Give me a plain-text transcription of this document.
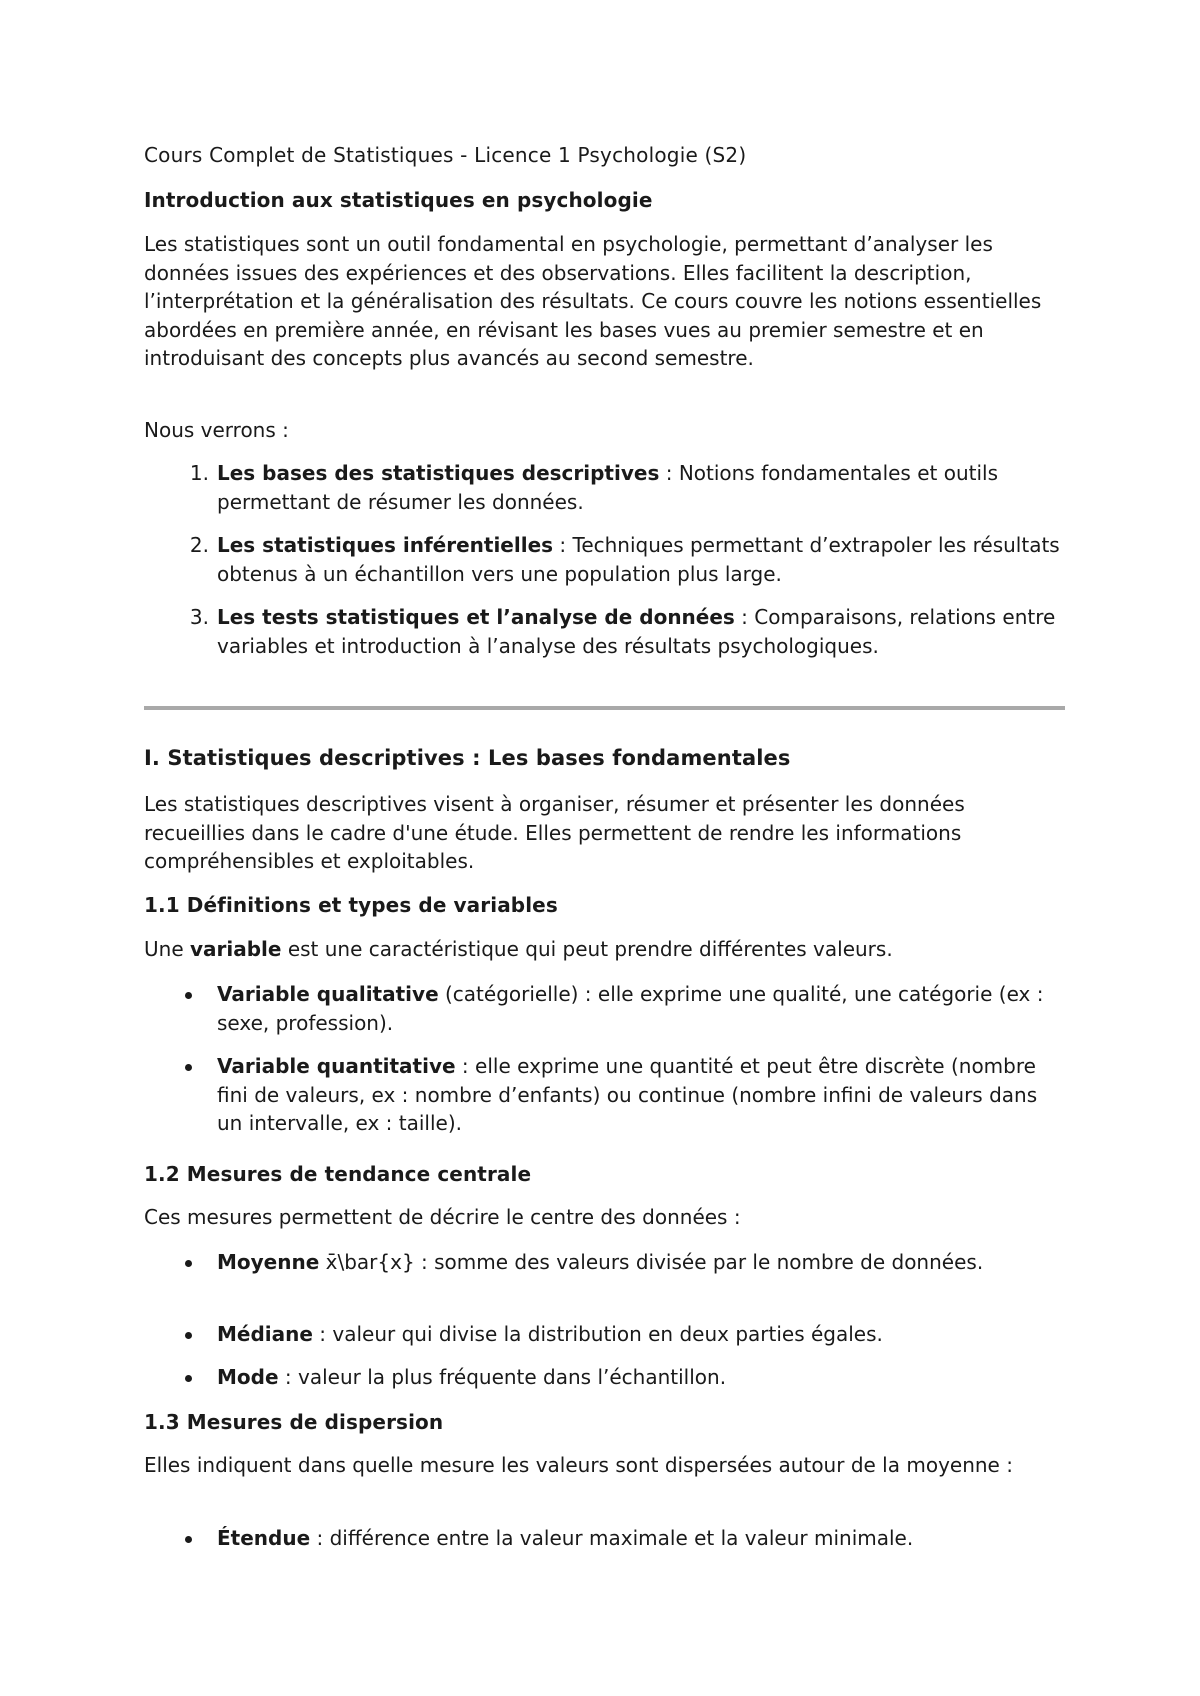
Cours Complet de Statistiques - Licence 1 Psychologie (S2)
Introduction aux statistiques en psychologie

Les statistiques sont un outil fondamental en psychologie, permettant d’analyser les données issues des expériences et des observations. Elles facilitent la description, l’interprétation et la généralisation des résultats. Ce cours couvre les notions essentielles abordées en première année, en révisant les bases vues au premier semestre et en introduisant des concepts plus avancés au second semestre.

Nous verrons :

1. Les bases des statistiques descriptives : Notions fondamentales et outils permettant de résumer les données.
2. Les statistiques inférentielles : Techniques permettant d’extrapoler les résultats obtenus à un échantillon vers une population plus large.
3. Les tests statistiques et l’analyse de données : Comparaisons, relations entre variables et introduction à l’analyse des résultats psychologiques.
I. Statistiques descriptives : Les bases fondamentales

Les statistiques descriptives visent à organiser, résumer et présenter les données recueillies dans le cadre d'une étude. Elles permettent de rendre les informations compréhensibles et exploitables.

1.1 Définitions et types de variables

Une variable est une caractéristique qui peut prendre différentes valeurs.

Variable qualitative (catégorielle) : elle exprime une qualité, une catégorie (ex : sexe, profession).
Variable quantitative : elle exprime une quantité et peut être discrète (nombre fini de valeurs, ex : nombre d’enfants) ou continue (nombre infini de valeurs dans un intervalle, ex : taille).
1.2 Mesures de tendance centrale

Ces mesures permettent de décrire le centre des données :

Moyenne x̄\bar{x} : somme des valeurs divisée par le nombre de données.
Médiane : valeur qui divise la distribution en deux parties égales.
Mode : valeur la plus fréquente dans l’échantillon.
1.3 Mesures de dispersion

Elles indiquent dans quelle mesure les valeurs sont dispersées autour de la moyenne :

Étendue : différence entre la valeur maximale et la valeur minimale.
